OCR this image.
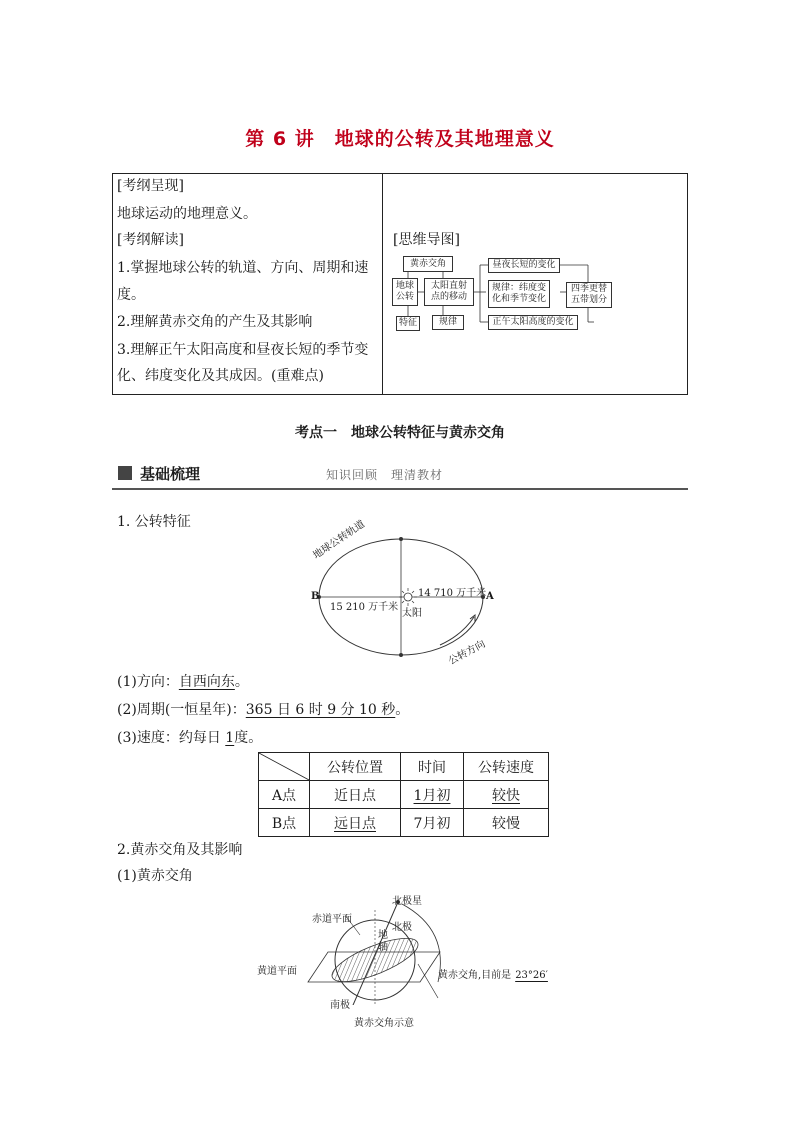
第 6 讲　地球的公转及其地理意义
[考纲呈现]
地球运动的地理意义。
[考纲解读]
1.掌握地球公转的轨道、方向、周期和速
度。
2.理解黄赤交角的产生及其影响
3.理解正午太阳高度和昼夜长短的季节变
化、纬度变化及其成因。(重难点)
[思维导图]
黄赤交角
地球公转
太阳直射点的移动
特征	规律
昼夜长短的变化
规律：纬度变化和季节变化
正午太阳高度的变化
四季更替五带划分
考点一　地球公转特征与黄赤交角
基础梳理	知识回顾　理清教材
1. 公转特征	地球公转轨道
B	A
15 210 万千米
14 710 万千米
太阳
公转方向
(1)方向：自西向东。
(2)周期(一恒星年)：365 日 6 时 9 分 10 秒。
(3)速度：约每日 1度。
	公转位置	时间	公转速度
A点	近日点	1月初	较快
B点	远日点	7月初	较慢
2.黄赤交角及其影响
(1)黄赤交角
北极星
北极
地轴
赤道平面
黄道平面
南极
黄赤交角,目前是 23°26′
黄赤交角示意
